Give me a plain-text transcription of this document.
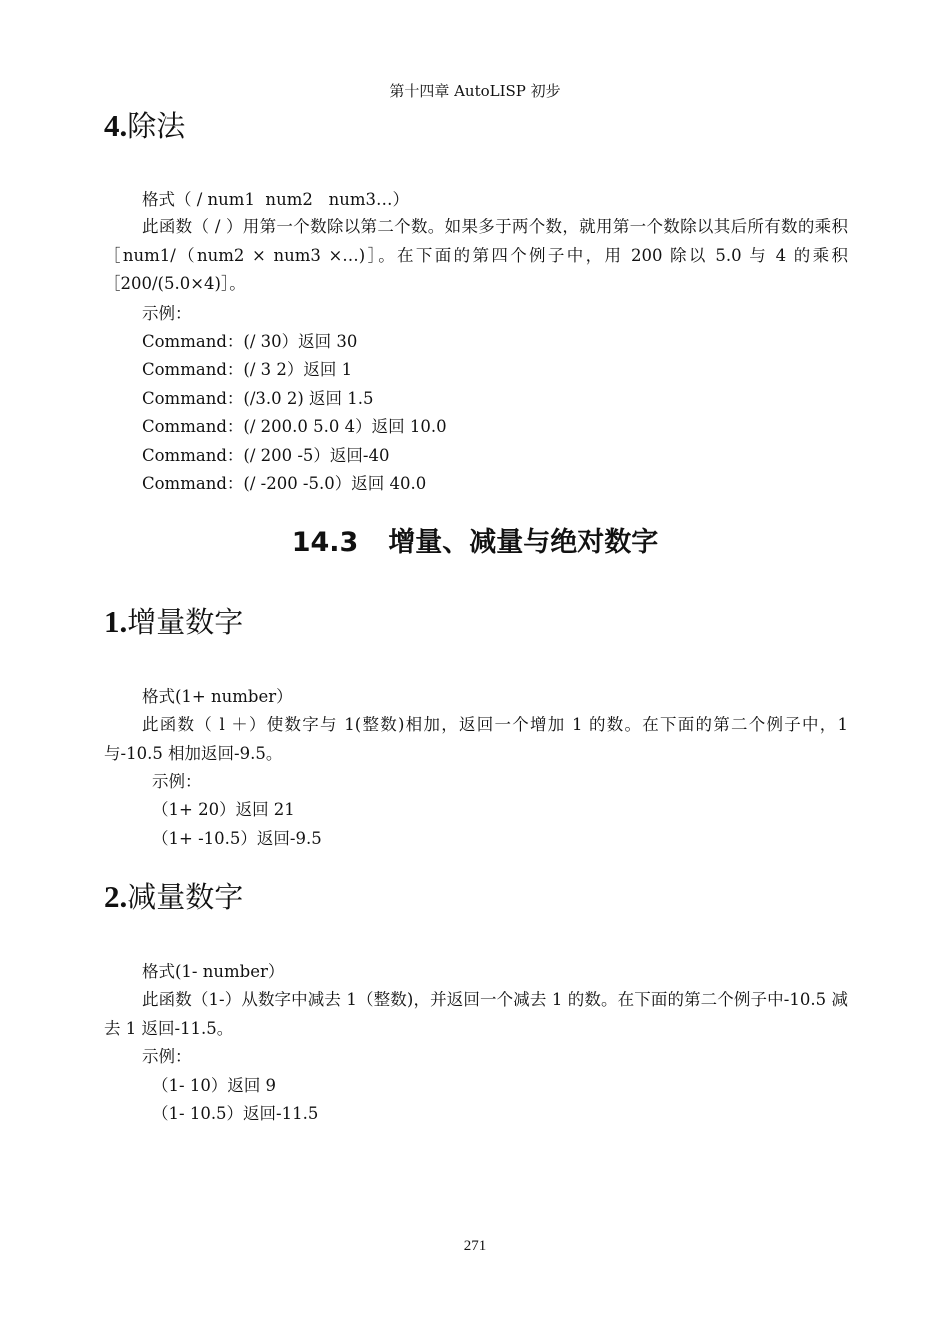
第十四章 AutoLISP 初步
4.除法
格式（ / num1  num2   num3…）

此函数（ / ）用第一个数除以第二个数。如果多于两个数，就用第一个数除以其后所有数的乘积［num1/（num2 × num3 ×…)］。在下面的第四个例子中，用 200 除以 5.0 与 4 的乘积［200/(5.0×4)］。

示例：
Command：(/ 30）返回 30
Command：(/ 3 2）返回 1
Command：(/3.0 2) 返回 1.5
Command：(/ 200.0 5.0 4）返回 10.0
Command：(/ 200 -5）返回-40
Command：(/ -200 -5.0）返回 40.0
14.3 增量、减量与绝对数字
1.增量数字
格式(1+ number）

此函数（ l ＋）使数字与 1(整数)相加，返回一个增加 1 的数。在下面的第二个例子中，1 与-10.5 相加返回-9.5。

示例：
（1+ 20）返回 21
（1+ -10.5）返回-9.5
2.减量数字
格式(1- number）

此函数（1-）从数字中减去 1（整数)，并返回一个减去 1 的数。在下面的第二个例子中-10.5 减去 1 返回-11.5。

示例：
（1- 10）返回 9
（1- 10.5）返回-11.5
271
